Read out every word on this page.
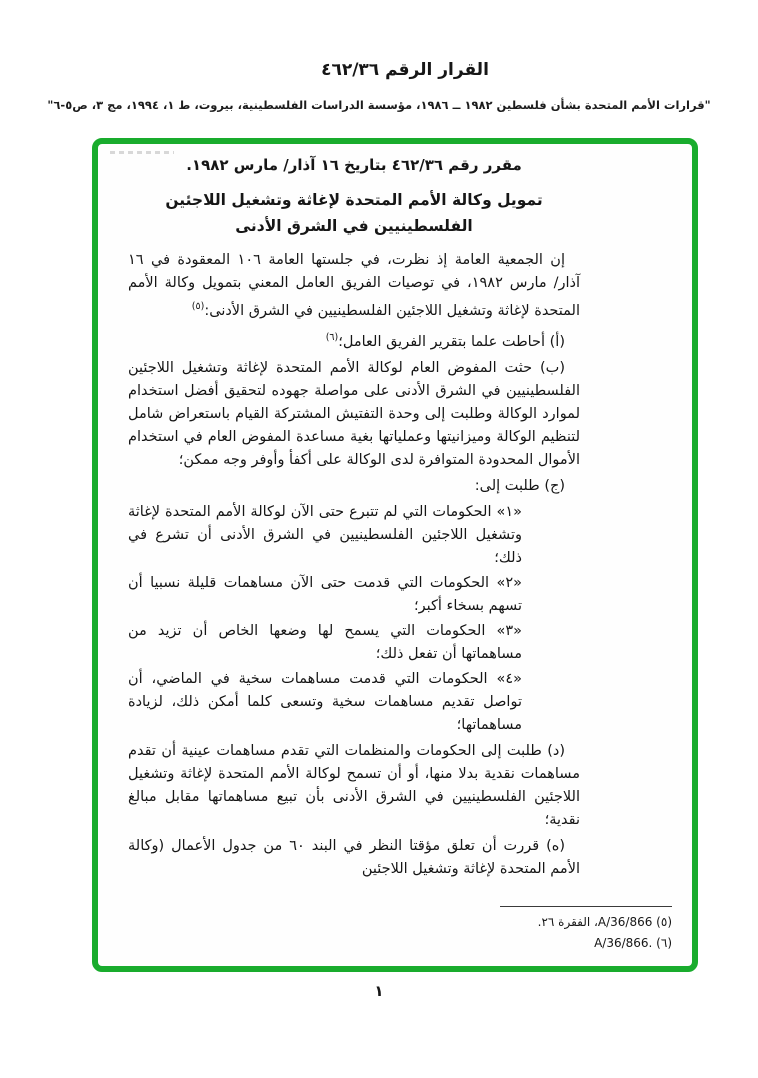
القرار الرقم ٤٦٢/٣٦
"قرارات الأمم المتحدة بشأن فلسطين ١٩٨٢ ــ ١٩٨٦، مؤسسة الدراسات الفلسطينية، بيروت، ط ١، ١٩٩٤، مج ٣، ص٥-٦"
مقرر رقم ٤٦٢/٣٦ بتاريخ ١٦ آذار/ مارس ١٩٨٢.
تمويل وكالة الأمم المتحدة لإغاثة وتشغيل اللاجئين
الفلسطينيين في الشرق الأدنى

إن الجمعية العامة إذ نظرت، في جلستها العامة ١٠٦ المعقودة في ١٦ آذار/ مارس ١٩٨٢، في توصيات الفريق العامل المعني بتمويل وكالة الأمم المتحدة لإغاثة وتشغيل اللاجئين الفلسطينيين في الشرق الأدنى:$^{(٥)}$

(أ) أحاطت علما بتقرير الفريق العامل؛$^{(٦)}$

(ب) حثت المفوض العام لوكالة الأمم المتحدة لإغاثة وتشغيل اللاجئين الفلسطينيين في الشرق الأدنى على مواصلة جهوده لتحقيق أفضل استخدام لموارد الوكالة وطلبت إلى وحدة التفتيش المشتركة القيام باستعراض شامل لتنظيم الوكالة وميزانيتها وعملياتها بغية مساعدة المفوض العام في استخدام الأموال المحدودة المتوافرة لدى الوكالة على أكفأ وأوفر وجه ممكن؛

(ج) طلبت إلى:

«١» الحكومات التي لم تتبرع حتى الآن لوكالة الأمم المتحدة لإغاثة وتشغيل اللاجئين الفلسطينيين في الشرق الأدنى أن تشرع في ذلك؛
«٢» الحكومات التي قدمت حتى الآن مساهمات قليلة نسبيا أن تسهم بسخاء أكبر؛
«٣» الحكومات التي يسمح لها وضعها الخاص أن تزيد من مساهماتها أن تفعل ذلك؛
«٤» الحكومات التي قدمت مساهمات سخية في الماضي، أن تواصل تقديم مساهمات سخية وتسعى كلما أمكن ذلك، لزيادة مساهماتها؛

(د) طلبت إلى الحكومات والمنظمات التي تقدم مساهمات عينية أن تقدم مساهمات نقدية بدلا منها، أو أن تسمح لوكالة الأمم المتحدة لإغاثة وتشغيل اللاجئين الفلسطينيين في الشرق الأدنى بأن تبيع مساهماتها مقابل مبالغ نقدية؛

(ه) قررت أن تعلق مؤقتا النظر في البند ٦٠ من جدول الأعمال (وكالة الأمم المتحدة لإغاثة وتشغيل اللاجئين

(٥) A/36/866، الفقرة ٢٦.
(٦) A/36/866.‎
١
